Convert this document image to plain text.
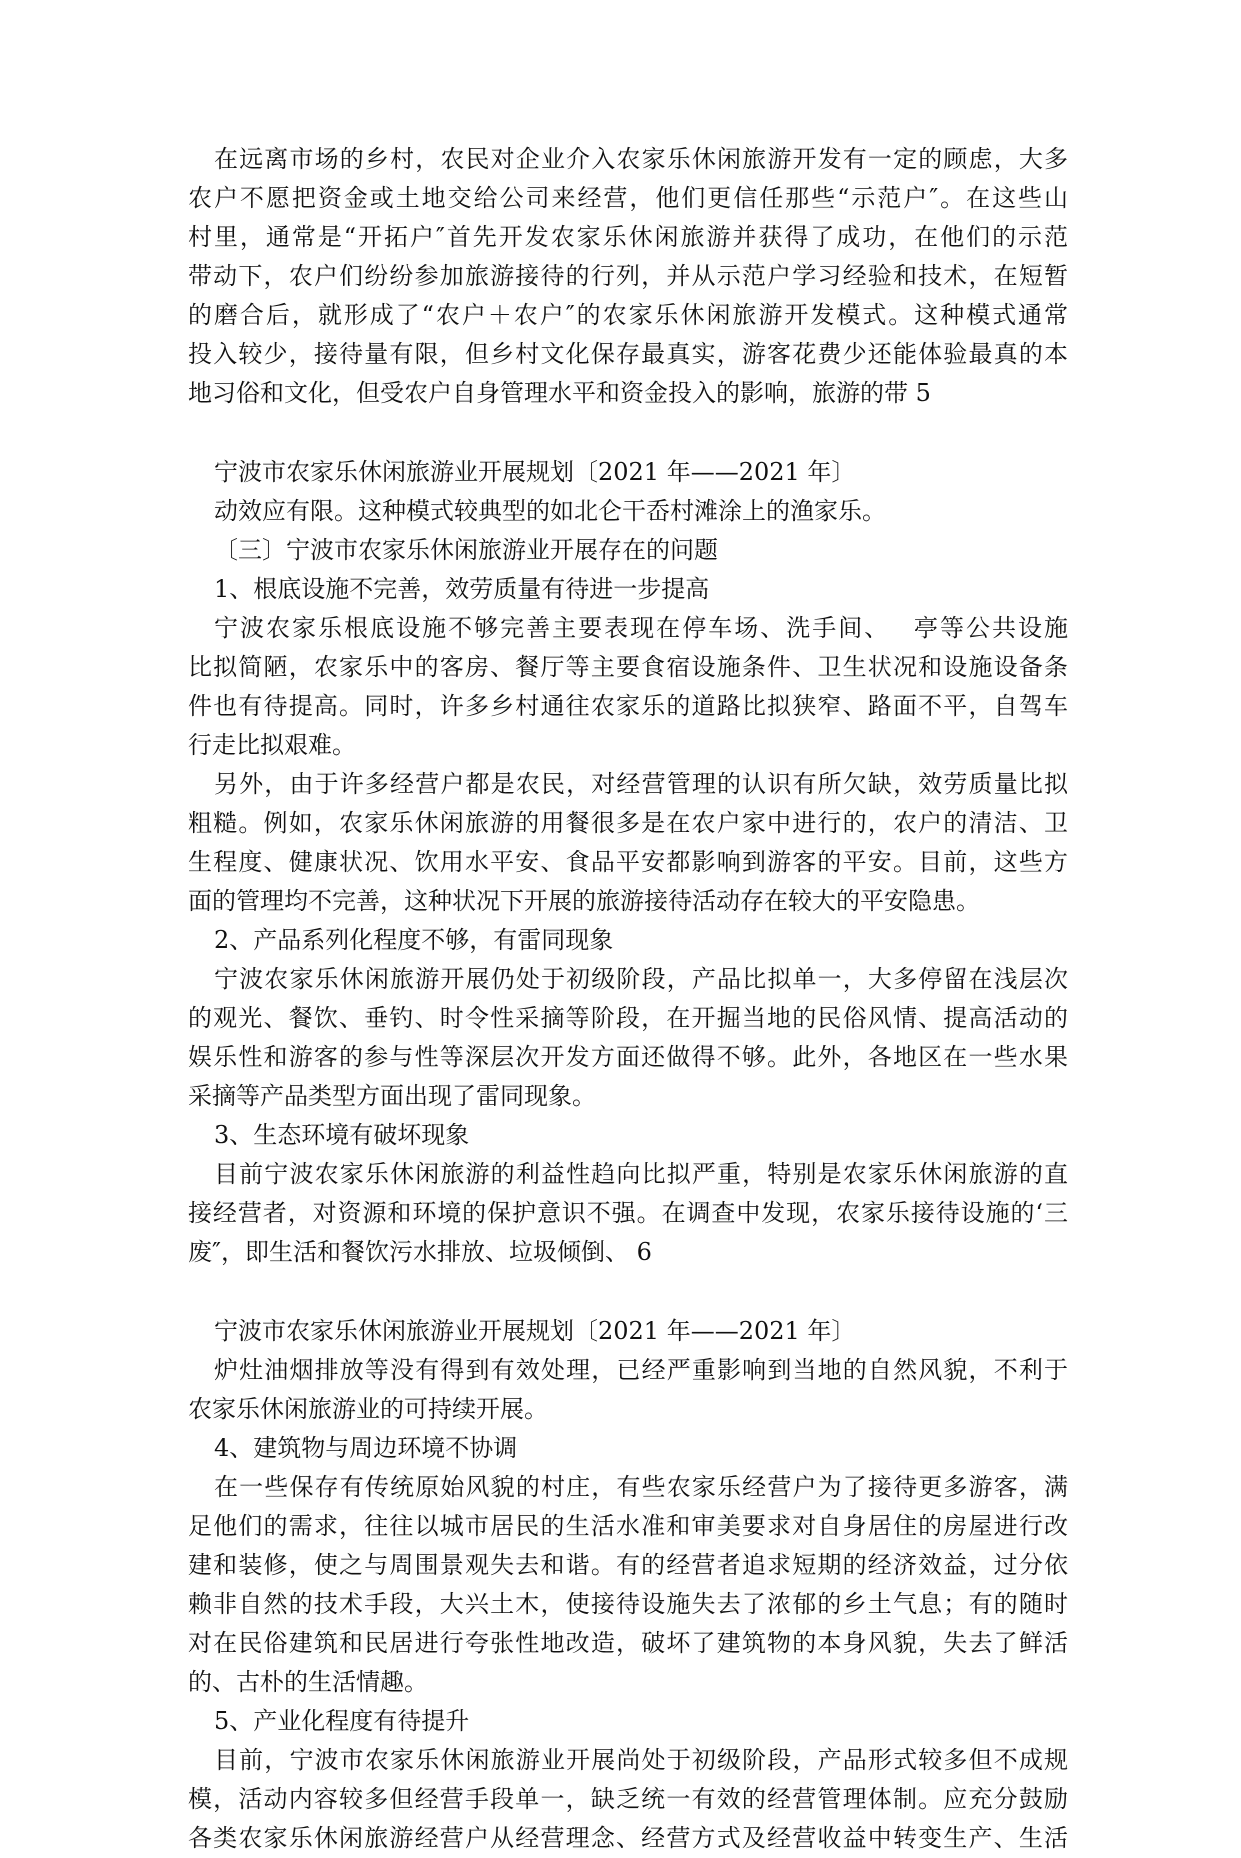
在远离市场的乡村，农民对企业介入农家乐休闲旅游开发有一定的顾虑，大多
农户不愿把资金或土地交给公司来经营，他们更信任那些“示范户″。在这些山
村里，通常是“开拓户″首先开发农家乐休闲旅游并获得了成功，在他们的示范
带动下，农户们纷纷参加旅游接待的行列，并从示范户学习经验和技术，在短暂
的磨合后，就形成了“农户＋农户″的农家乐休闲旅游开发模式。这种模式通常
投入较少，接待量有限，但乡村文化保存最真实，游客花费少还能体验最真的本
地习俗和文化，但受农户自身管理水平和资金投入的影响，旅游的带 5
宁波市农家乐休闲旅游业开展规划〔2021 年——2021 年〕
动效应有限。这种模式较典型的如北仑干岙村滩涂上的渔家乐。
〔三〕宁波市农家乐休闲旅游业开展存在的问题
1、根底设施不完善，效劳质量有待进一步提高
宁波农家乐根底设施不够完善主要表现在停车场、洗手间、　 亭等公共设施
比拟简陋，农家乐中的客房、餐厅等主要食宿设施条件、卫生状况和设施设备条
件也有待提高。同时，许多乡村通往农家乐的道路比拟狭窄、路面不平，自驾车
行走比拟艰难。
另外，由于许多经营户都是农民，对经营管理的认识有所欠缺，效劳质量比拟
粗糙。例如，农家乐休闲旅游的用餐很多是在农户家中进行的，农户的清洁、卫
生程度、健康状况、饮用水平安、食品平安都影响到游客的平安。目前，这些方
面的管理均不完善，这种状况下开展的旅游接待活动存在较大的平安隐患。
2、产品系列化程度不够，有雷同现象
宁波农家乐休闲旅游开展仍处于初级阶段，产品比拟单一，大多停留在浅层次
的观光、餐饮、垂钓、时令性采摘等阶段，在开掘当地的民俗风情、提高活动的
娱乐性和游客的参与性等深层次开发方面还做得不够。此外，各地区在一些水果
采摘等产品类型方面出现了雷同现象。
3、生态环境有破坏现象
目前宁波农家乐休闲旅游的利益性趋向比拟严重，特别是农家乐休闲旅游的直
接经营者，对资源和环境的保护意识不强。在调查中发现，农家乐接待设施的‘三
废″，即生活和餐饮污水排放、垃圾倾倒、 6
宁波市农家乐休闲旅游业开展规划〔2021 年——2021 年〕
炉灶油烟排放等没有得到有效处理，已经严重影响到当地的自然风貌，不利于
农家乐休闲旅游业的可持续开展。
4、建筑物与周边环境不协调
在一些保存有传统原始风貌的村庄，有些农家乐经营户为了接待更多游客，满
足他们的需求，往往以城市居民的生活水准和审美要求对自身居住的房屋进行改
建和装修，使之与周围景观失去和谐。有的经营者追求短期的经济效益，过分依
赖非自然的技术手段，大兴土木，使接待设施失去了浓郁的乡土气息；有的随时
对在民俗建筑和民居进行夸张性地改造，破坏了建筑物的本身风貌，失去了鲜活
的、古朴的生活情趣。
5、产业化程度有待提升
目前，宁波市农家乐休闲旅游业开展尚处于初级阶段，产品形式较多但不成规
模，活动内容较多但经营手段单一，缺乏统一有效的经营管理体制。应充分鼓励
各类农家乐休闲旅游经营户从经营理念、经营方式及经营收益中转变生产、生活
